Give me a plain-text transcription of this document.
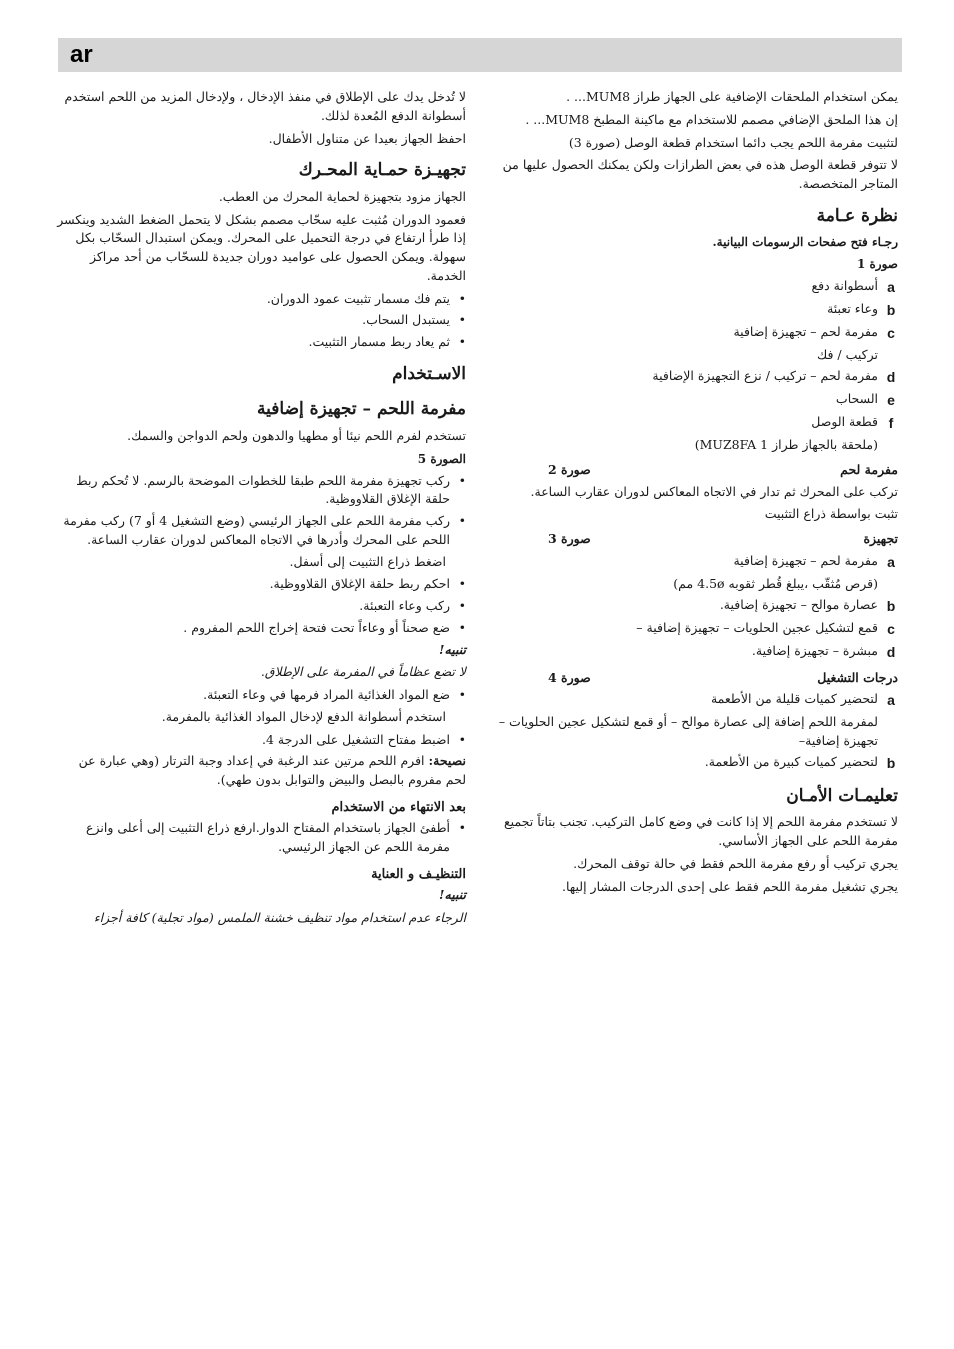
ar

يمكن استخدام الملحقات الإضافية على الجهاز طراز MUM8... .

إن هذا الملحق الإضافي مصمم للاستخدام مع ماكينة المطبخ MUM8... .

لتثبيت مفرمة اللحم يجب دائما استخدام قطعة الوصل (صورة 3)

لا تتوفر قطعة الوصل هذه في بعض الطرازات ولكن يمكنك الحصول عليها من المتاجر المتخصصة.

نظرة عـامة

رجـاء فتح صفحات الرسومات البيانية.

صورة 1

a
أسطوانة دفع
b
وعاء تعبئة
c
مفرمة لحم – تجهيزة إضافية
تركيب / فك
d
مفرمة لحم – تركيب / نزع التجهيزة الإضافية
e
السحاب
f
قطعة الوصل

(ملحقة بالجهاز طراز MUZ8FA 1)

مفرمة لحم
صورة 2

تركب على المحرك ثم تدار في الاتجاه المعاكس لدوران عقارب الساعة.

تثبت بواسطة ذراع التثبيت

تجهيزة
صورة 3
a
مفرمة لحم – تجهيزة إضافية
(قرص مُثقّب ،يبلغ قُطر ثقوبه 4.5ø مم)
b
عصارة موالح – تجهيزة إضافية.
c
قمع لتشكيل عجين الحلويات – تجهيزة إضافية –
d
مبشرة – تجهيزة إضافية.
درجات التشغيل
صورة 4
a
لتحضير كميات قليلة من الأطعمة
لمفرمة اللحم إضافة إلى عصارة موالح – أو قمع لتشكيل عجين الحلويات –تجهيزة إضافية–
b
لتحضير كميات كبيرة من الأطعمة.
تعليمـات الأمـان

لا تستخدم مفرمة اللحم إلا إذا كانت في وضع كامل التركيب. تجنب بتاتاً تجميع مفرمة اللحم على الجهاز الأساسي.

يجري تركيب أو رفع مفرمة اللحم فقط في حالة توقف المحرك.

يجري تشغيل مفرمة اللحم فقط على إحدى الدرجات المشار إليها.

لا تُدخل يدك على الإطلاق في منفذ الإدخال ، ولإدخال المزيد من اللحم استخدم أسطوانة الدفع المُعدة لذلك.

احفظ الجهاز بعيدا عن متناول الأطفال.

تجهيـزة حمـاية المحـرك

الجهاز مزود بتجهيزة لحماية المحرك من العطب.

فعمود الدوران مُثبت عليه سحّاب مصمم بشكل لا يتحمل الضغط الشديد وينكسر إذا طرأ ارتفاع في درجة التحميل على المحرك. ويمكن استبدال السحّاب بكل سهولة. ويمكن الحصول على عواميد دوران جديدة للسحّاب من أحد مراكز الخدمة.

• يتم فك مسمار تثبيت عمود الدوران.
• يستبدل السحاب.
• ثم يعاد ربط مسمار التثبيت.
الاسـتخدام
مفرمة اللحم – تجهيزة إضافية

تستخدم لفرم اللحم نيئا أو مطهيا والدهون ولحم الدواجن والسمك.

الصورة 5

• ركب تجهيزة مفرمة اللحم طبقا للخطوات الموضحة بالرسم. لا تُحكم ربط حلقة الإغلاق القلاووظية.
• ركب مفرمة اللحم على الجهاز الرئيسي (وضع التشغيل 4 أو 7) ركب مفرمة اللحم على المحرك وأدرها في الاتجاه المعاكس لدوران عقارب الساعة.

اضغط ذراع التثبيت إلى أسفل.

• احكم ربط حلقة الإغلاق القلاووظية.
• ركب وعاء التعبئة.
• ضع صحناً أو وعاءاً تحت فتحة إخراج اللحم المفروم .

تنبيه!

لا تضع عظاماً في المفرمة على الإطلاق.

• ضع المواد الغذائية المراد فرمها في وعاء التعبئة.

استخدم أسطوانة الدفع لإدخال المواد الغذائية بالمفرمة.

• اضبط مفتاح التشغيل على الدرجة 4.

نصيحة: افرم اللحم مرتين عند الرغبة في إعداد وجبة الترتار (وهي عبارة عن لحم مفروم بالبصل والبيض والتوابل بدون طهي).

بعد الانتهاء من الاستخدام
• أطفئ الجهاز باستخدام المفتاح الدوار.ارفع ذراع التثبيت إلى أعلى وانزع مفرمة اللحم عن الجهاز الرئيسي.
التنظيـف و العناية

تنبيه!

الرجاء عدم استخدام مواد تنظيف خشنة الملمس (مواد تجلية) كافة أجزاء
